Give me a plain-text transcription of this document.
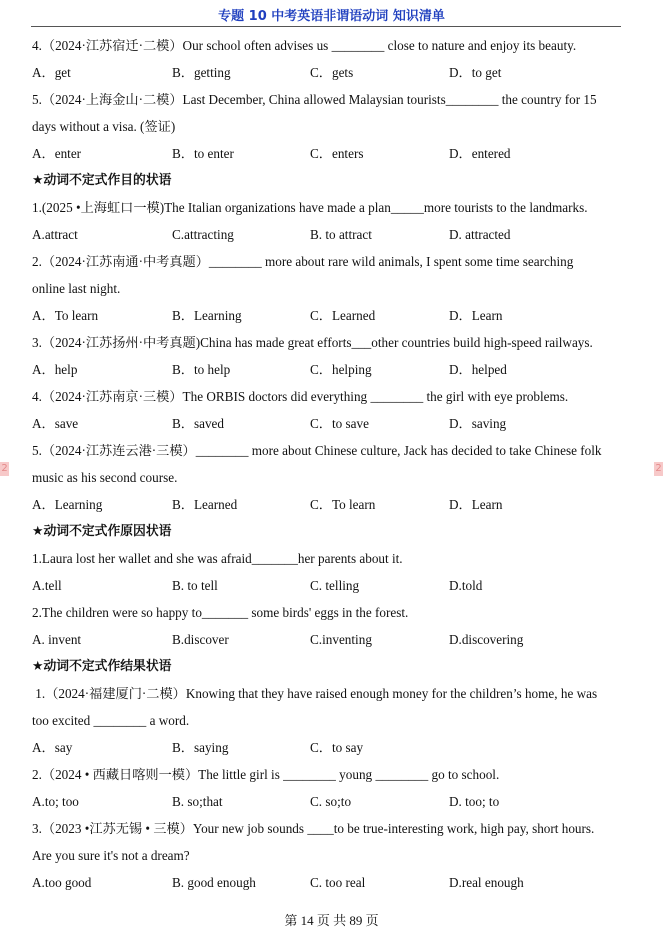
专题 10 中考英语非谓语动词 知识清单
4.（2024·江苏宿迁·二模）Our school often advises us ________ close to nature and enjoy its beauty.
A．get	B．getting	C．gets	D．to get
5.（2024·上海金山·二模）Last December, China allowed Malaysian tourists________ the country for 15
days without a visa. (签证)
A．enter	B．to enter	C．enters	D．entered
★动词不定式作目的状语
1.(2025 •上海虹口一模)The Italian organizations have made a plan_____more tourists to the landmarks.
A.attract	C.attracting	B. to attract	D. attracted
2.（2024·江苏南通·中考真题）________ more about rare wild animals, I spent some time searching
online last night.
A．To learn	B．Learning	C．Learned	D．Learn
3.（2024·江苏扬州·中考真题)China has made great efforts___other countries build high-speed railways.
A．help	B．to help	C．helping	D．helped
4.（2024·江苏南京·三模）The ORBIS doctors did everything ________ the girl with eye problems.
A．save	B．saved	C．to save	D．saving
5.（2024·江苏连云港·三模）________ more about Chinese culture, Jack has decided to take Chinese folk
music as his second course.
A．Learning	B．Learned	C．To learn	D．Learn
★动词不定式作原因状语
1.Laura lost her wallet and she was afraid_______her parents about it.
A.tell	B. to tell	C. telling	D.told
2.The children were so happy to_______ some birds' eggs in the forest.
A. invent	B.discover	C.inventing	D.discovering
★动词不定式作结果状语
1.（2024·福建厦门·二模）Knowing that they have raised enough money for the children’s home, he was
too excited ________ a word.
A．say	B．saying	C．to say
2.（2024 • 西藏日喀则一模）The little girl is ________ young ________ go to school.
A.to; too	B. so;that	C. so;to	D. too; to
3.（2023 •江苏无锡 • 三模）Your new job sounds ____to be true-interesting work, high pay, short hours.
Are you sure it's not a dream?
A.too good	B. good enough	C. too real	D.real enough
2	2
第 14 页 共 89 页
